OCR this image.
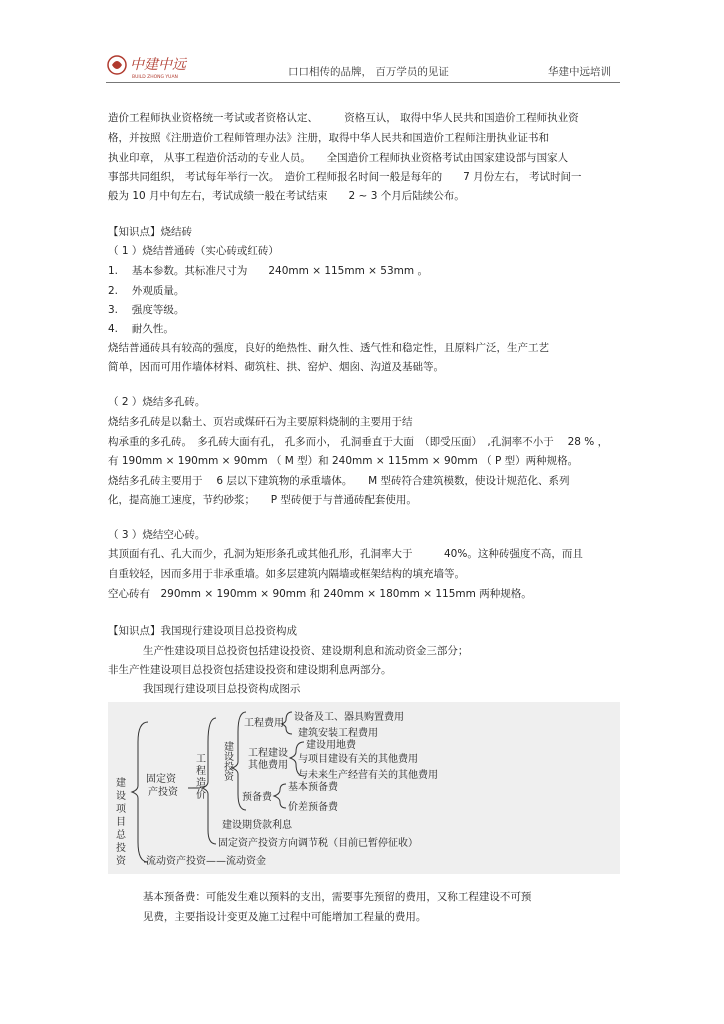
中建中远
BUILD ZHONG YUAN	口口相传的品牌， 百万学员的见证	华建中远培训
造价工程师执业资格统一考试或者资格认定、　　　资格互认， 取得中华人民共和国造价工程师执业资
格，并按照《注册造价工程师管理办法》注册，取得中华人民共和国造价工程师注册执业证书和
执业印章， 从事工程造价活动的专业人员。　　全国造价工程师执业资格考试由国家建设部与国家人
事部共同组织， 考试每年举行一次。　造价工程师报名时间一般是每年的　　7 月份左右， 考试时间一
般为 10 月中旬左右，考试成绩一般在考试结束　　2 ~ 3 个月后陆续公布。
【知识点】烧结砖
（ 1 ）烧结普通砖（实心砖或红砖）
1.　 基本参数。其标准尺寸为　　240mm × 115mm × 53mm 。
2.　 外观质量。
3.　 强度等级。
4.　 耐久性。
烧结普通砖具有较高的强度，良好的绝热性、耐久性、透气性和稳定性，且原料广泛，生产工艺
简单，因而可用作墙体材料、砌筑柱、拱、窑炉、烟囱、沟道及基础等。
（ 2 ）烧结多孔砖。
烧结多孔砖是以黏土、页岩或煤矸石为主要原料烧制的主要用于结
构承重的多孔砖。　多孔砖大面有孔， 孔多而小， 孔洞垂直于大面　（即受压面）　,孔洞率不小于　 28 % ，
有 190mm × 190mm × 90mm （ M 型）和 240mm × 115mm × 90mm （ P 型）两种规格。
烧结多孔砖主要用于　 6 层以下建筑物的承重墙体。　　M 型砖符合建筑模数，使设计规范化、系列
化，提高施工速度，节约砂浆；　　P 型砖便于与普通砖配套使用。
（ 3 ）烧结空心砖。
其顶面有孔、孔大而少，孔洞为矩形条孔或其他孔形，孔洞率大于　　　40%。这种砖强度不高，而且
自重较轻，因而多用于非承重墙。如多层建筑内隔墙或框架结构的填充墙等。
空心砖有　290mm × 190mm × 90mm 和 240mm × 180mm × 115mm 两种规格。
【知识点】我国现行建设项目总投资构成
　　　 生产性建设项目总投资包括建设投资、建设期利息和流动资金三部分；
非生产性建设项目总投资包括建设投资和建设期利息两部分。
　　　 我国现行建设项目总投资构成图示
建
设
项
目
总
投
资
固定资
产投资 一
工
程
造
价
建
设
投
资
工程费用
设备及工、器具购置费用
建筑安装工程费用
工程建设
其他费用
建设用地费
与项目建设有关的其他费用
与未来生产经营有关的其他费用
预备费
基本预备费
价差预备费
建设期贷款利息
固定资产投资方向调节税（目前已暂停征收）
流动资产投资——流动资金
　　　 基本预备费：可能发生难以预料的支出，需要事先预留的费用，又称工程建设不可预
　　　 见费，主要指设计变更及施工过程中可能增加工程量的费用。
